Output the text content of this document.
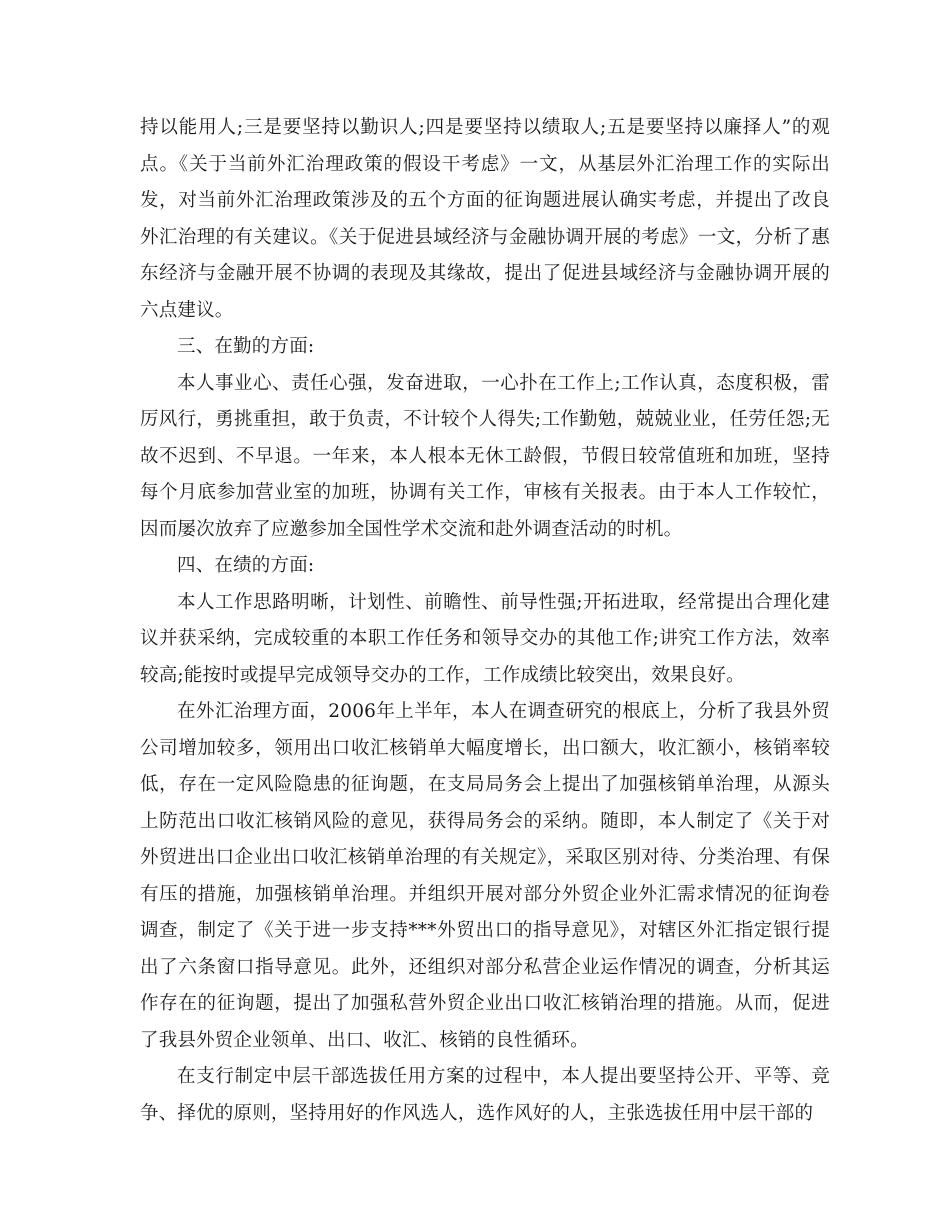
持以能用人;三是要坚持以勤识人;四是要坚持以绩取人;五是要坚持以廉择人”的观点。《关于当前外汇治理政策的假设干考虑》一文，从基层外汇治理工作的实际出发，对当前外汇治理政策涉及的五个方面的征询题进展认确实考虑，并提出了改良外汇治理的有关建议。《关于促进县域经济与金融协调开展的考虑》一文，分析了惠东经济与金融开展不协调的表现及其缘故，提出了促进县域经济与金融协调开展的六点建议。

三、在勤的方面:

本人事业心、责任心强，发奋进取，一心扑在工作上;工作认真，态度积极，雷厉风行，勇挑重担，敢于负责，不计较个人得失;工作勤勉，兢兢业业，任劳任怨;无故不迟到、不早退。一年来，本人根本无休工龄假，节假日较常值班和加班，坚持每个月底参加营业室的加班，协调有关工作，审核有关报表。由于本人工作较忙，因而屡次放弃了应邀参加全国性学术交流和赴外调查活动的时机。

四、在绩的方面:

本人工作思路明晰，计划性、前瞻性、前导性强;开拓进取，经常提出合理化建议并获采纳，完成较重的本职工作任务和领导交办的其他工作;讲究工作方法，效率较高;能按时或提早完成领导交办的工作，工作成绩比较突出，效果良好。

在外汇治理方面，2006年上半年，本人在调查研究的根底上，分析了我县外贸公司增加较多，领用出口收汇核销单大幅度增长，出口额大，收汇额小，核销率较低，存在一定风险隐患的征询题，在支局局务会上提出了加强核销单治理，从源头上防范出口收汇核销风险的意见，获得局务会的采纳。随即，本人制定了《关于对外贸进出口企业出口收汇核销单治理的有关规定》，采取区别对待、分类治理、有保有压的措施，加强核销单治理。并组织开展对部分外贸企业外汇需求情况的征询卷调查，制定了《关于进一步支持***外贸出口的指导意见》，对辖区外汇指定银行提出了六条窗口指导意见。此外，还组织对部分私营企业运作情况的调查，分析其运作存在的征询题，提出了加强私营外贸企业出口收汇核销治理的措施。从而，促进了我县外贸企业领单、出口、收汇、核销的良性循环。

在支行制定中层干部选拔任用方案的过程中，本人提出要坚持公开、平等、竞争、择优的原则，坚持用好的作风选人，选作风好的人，主张选拔任用中层干部的
